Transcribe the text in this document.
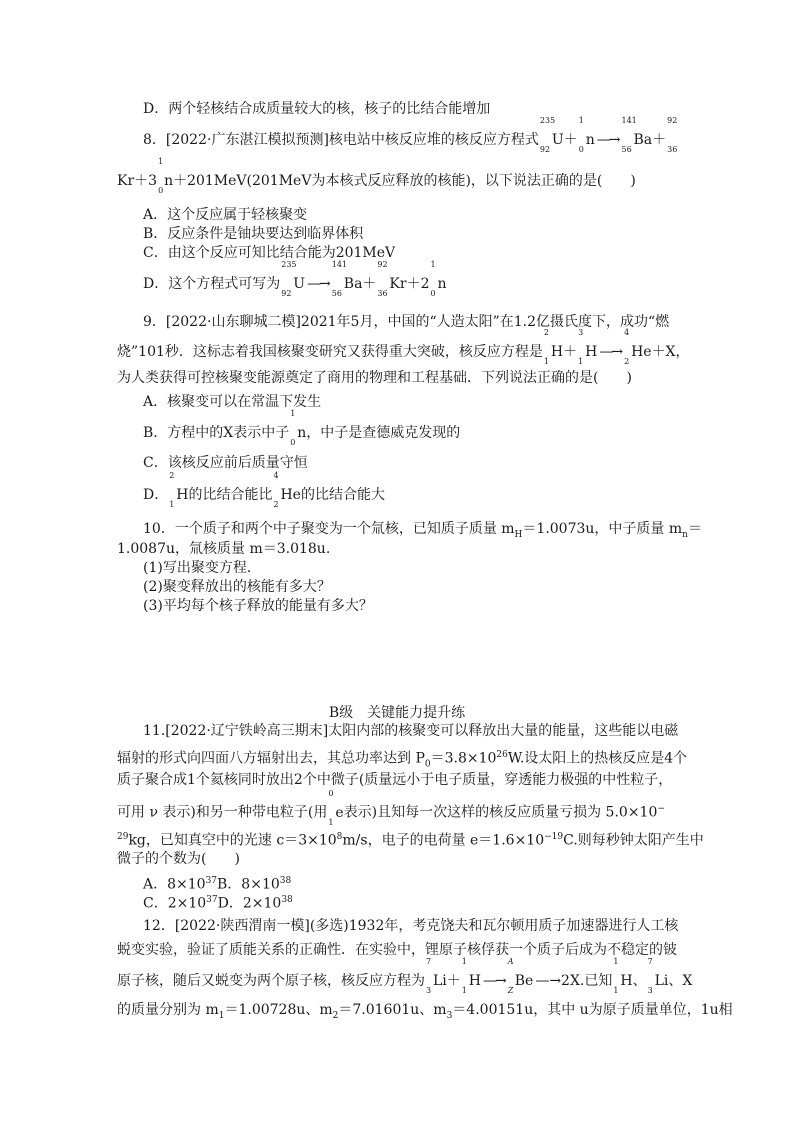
D．两个轻核结合成质量较大的核，核子的比结合能增加
8．[2022·广东湛江模拟预测]核电站中核反应堆的核反应方程式
235
92
U＋
1
0
n —→
141
56
Ba＋
92
36
Kr＋3
1
0
n＋201MeV(201MeV为本核式反应释放的核能)，以下说法正确的是(　　)
A．这个反应属于轻核聚变
B．反应条件是铀块要达到临界体积
C．由这个反应可知比结合能为201MeV
D．这个方程式可写为
235
92
U —→
141
56
Ba＋
92
36
Kr＋2
1
0
n
9．[2022·山东聊城二模]2021年5月，中国的“人造太阳”在1.2亿摄氏度下，成功“燃
烧”101秒．这标志着我国核聚变研究又获得重大突破，核反应方程是
2
1
H＋
3
1
H —→
4
2
He＋X，
为人类获得可控核聚变能源奠定了商用的物理和工程基础．下列说法正确的是(　　)
A．核聚变可以在常温下发生
B．方程中的X表示中子
1
0
n，中子是查德威克发现的
C．该核反应前后质量守恒
D．
2
1
H的比结合能比
4
2
He的比结合能大
10．一个质子和两个中子聚变为一个氚核，已知质子质量 $m_H=1.0073u$，中子质量 $m_n=$
1.0087u，氚核质量 m＝3.018u.
(1)写出聚变方程．
(2)聚变释放出的核能有多大？
(3)平均每个核子释放的能量有多大？
B级　关键能力提升练
11.[2022·辽宁铁岭高三期末]太阳内部的核聚变可以释放出大量的能量，这些能以电磁
辐射的形式向四面八方辐射出去，其总功率达到 $P_0=3.8\times 10^{26}W$.设太阳上的热核反应是4个
质子聚合成1个氦核同时放出2个中微子(质量远小于电子质量，穿透能力极强的中性粒子，
可用 ν 表示)和另一种带电粒子(用
0
1
e表示)且知每一次这样的核反应质量亏损为 5.0×10−
$^{29}$kg，已知真空中的光速 $c=3\times 10^8m/s$，电子的电荷量 $e=1.6\times 10^{-19}C$.则每秒钟太阳产生中
微子的个数为(　　)
A．$8\times 10^{37}B$．$8\times 10^{38}$
C．$2\times 10^{37}D$．$2\times 10^{38}$
12．[2022·陕西渭南一模](多选)1932年，考克饶夫和瓦尔顿用质子加速器进行人工核
蜕变实验，验证了质能关系的正确性．在实验中，锂原子核俘获一个质子后成为不稳定的铍
原子核，随后又蜕变为两个原子核，核反应方程为
7
3
Li＋
1
1
H —→
A
Z
Be — →2X.已知
1
1
H、
7
3
Li、X
的质量分别为 $m_1=1.00728u$、$m_2=7.01601u$、$m_3=4.00151u$，其中 u为原子质量单位，1u相
